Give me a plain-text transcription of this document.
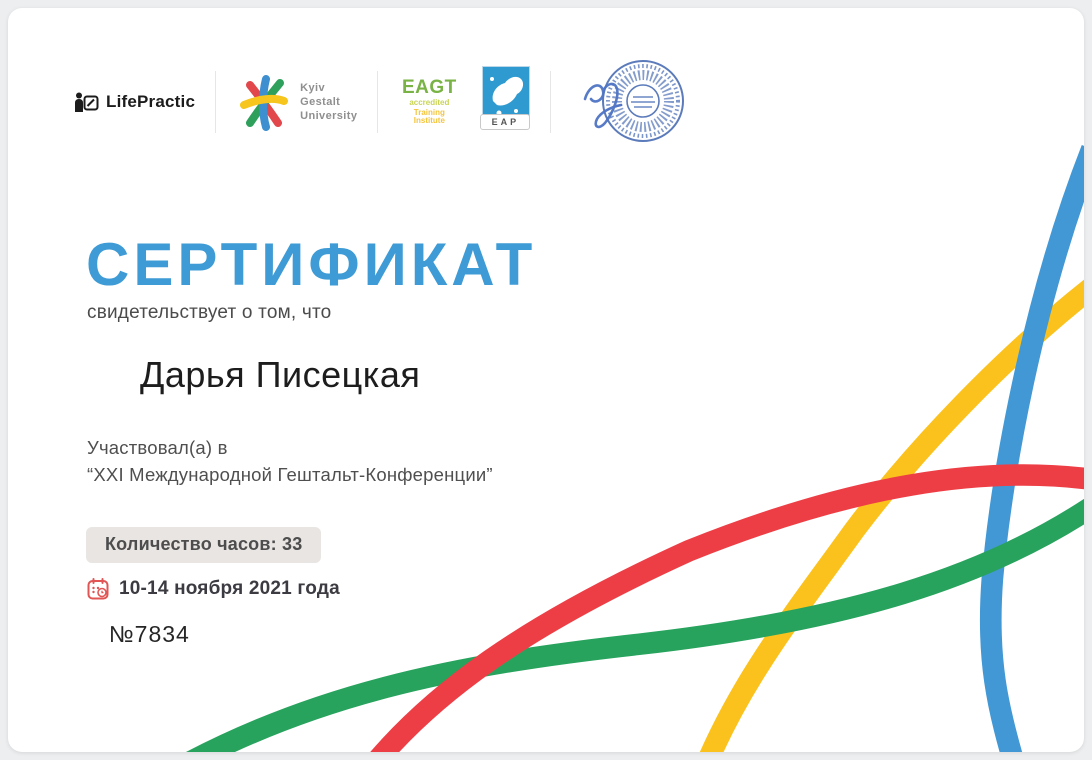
LifePractic
Kyiv
Gestalt
University
EAGT
accredited
Training Institute	EAP
СЕРТИФИКАТ
свидетельствует о том, что
Дарья Писецкая
Участвовал(а) в
“XXI Международной Гештальт-Конференции”
Количество часов: 33
10-14 ноября 2021 года
№7834
